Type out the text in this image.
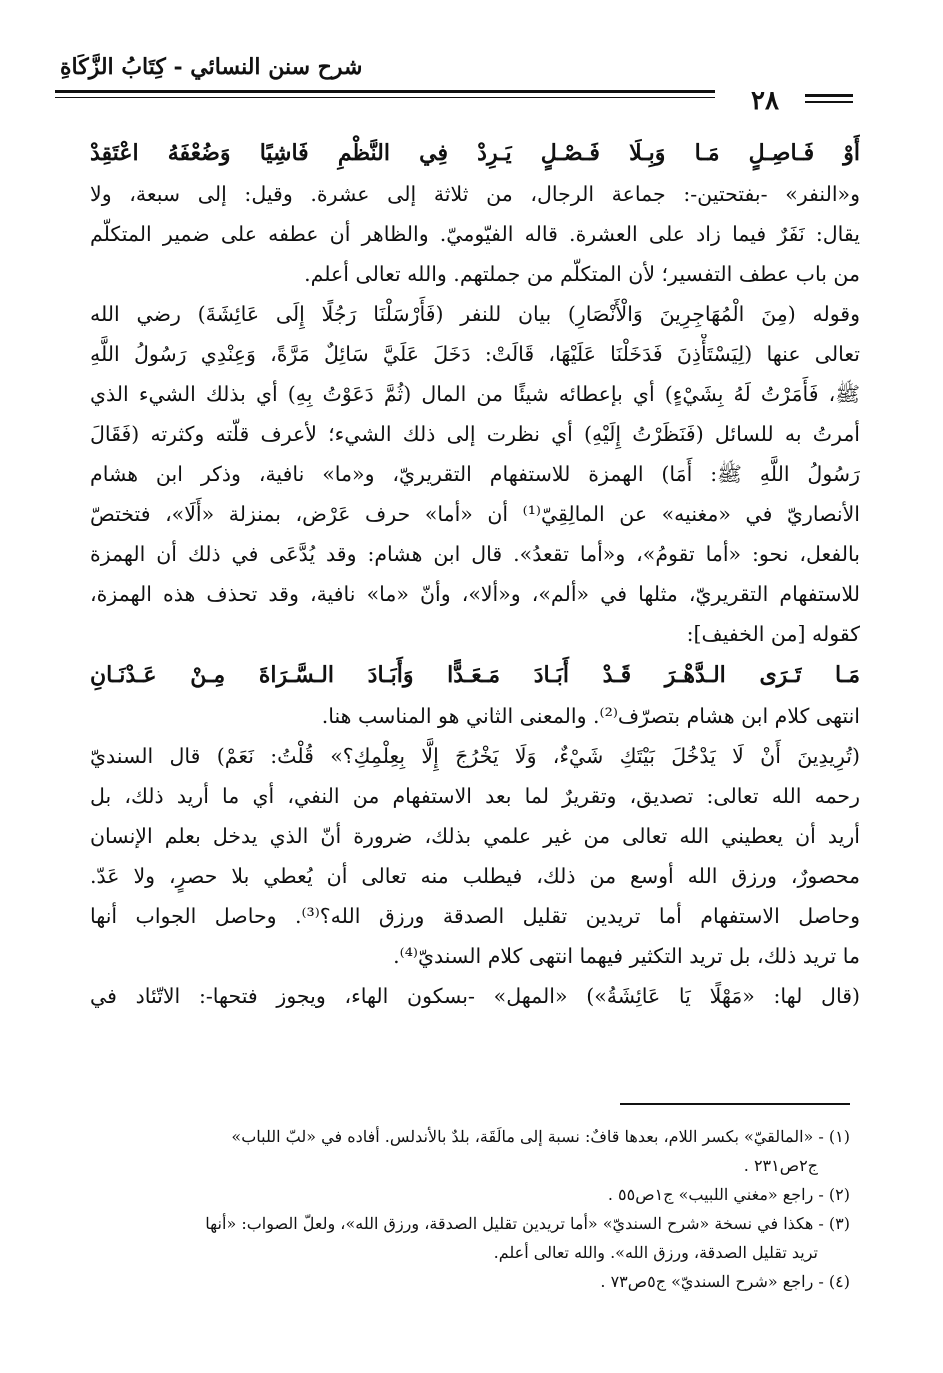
شرح سنن النسائي - كِتَابُ الزَّكَاةِ
٢٨
أَوْ فَـاصِـلٍ مَـا وَبِـلَا فَـصْـلٍ يَـرِدْ فِي النَّظْمِ فَاشِيًا وَضُعْفَهُ اعْتَقِدْ
و«النفر» -بفتحتين-: جماعة الرجال، من ثلاثة إلى عشرة. وقيل: إلى سبعة، ولا
يقال: نَفَرٌ فيما زاد على العشرة. قاله الفيّوميّ. والظاهر أن عطفه على ضمير المتكلّم
من باب عطف التفسير؛ لأن المتكلّم من جملتهم. والله تعالى أعلم.
وقوله (مِنَ الْمُهَاجِرِينَ وَالْأَنْصَارِ) بيان للنفر (فَأَرْسَلْنَا رَجُلًا إِلَى عَائِشَةَ) رضي الله
تعالى عنها (لِيَسْتَأْذِنَ فَدَخَلْنَا عَلَيْهَا، قَالَتْ: دَخَلَ عَلَيَّ سَائِلٌ مَرَّةً، وَعِنْدِي رَسُولُ اللَّهِ
ﷺ، فَأَمَرْتُ لَهُ بِشَيْءٍ) أي بإعطائه شيئًا من المال (ثُمَّ دَعَوْتُ بِهِ) أي بذلك الشيء الذي
أمرتُ به للسائل (فَنَظَرْتُ إِلَيْهِ) أي نظرت إلى ذلك الشيء؛ لأعرف قلّته وكثرته (فَقَالَ
رَسُولُ اللَّهِ ﷺ: أَمَا) الهمزة للاستفهام التقريريّ، و«ما» نافية، وذكر ابن هشام
الأنصاريّ في «مغنيه» عن المالِقِيّ⁽¹⁾ أن «أما» حرف عَرْض، بمنزلة «أَلَا»، فتختصّ
بالفعل، نحو: «أما تقومُ»، و«أما تقعدُ». قال ابن هشام: وقد يُدَّعَى في ذلك أن الهمزة
للاستفهام التقريريّ، مثلها في «ألم»، و«ألا»، وأنّ «ما» نافية، وقد تحذف هذه الهمزة،
كقوله [من الخفيف]:
مَـا تَـرَى الـدَّهْـرَ قَـدْ أَبَـادَ مَـعَـدًّا وَأَبَـادَ الـسَّـرَاةَ مِـنْ عَـدْنَـانِ
انتهى كلام ابن هشام بتصرّف⁽²⁾. والمعنى الثاني هو المناسب هنا.
(تُرِيدِينَ أَنْ لَا يَدْخُلَ بَيْتَكِ شَيْءٌ، وَلَا يَخْرُجَ إِلَّا بِعِلْمِكِ؟» قُلْتُ: نَعَمْ) قال السنديّ
رحمه الله تعالى: تصديق، وتقريرٌ لما بعد الاستفهام من النفي، أي ما أريد ذلك، بل
أريد أن يعطيني الله تعالى من غير علمي بذلك، ضرورة أنّ الذي يدخل بعلم الإنسان
محصورٌ، ورزق الله أوسع من ذلك، فيطلب منه تعالى أن يُعطي بلا حصرٍ، ولا عَدّ.
وحاصل الاستفهام أما تريدين تقليل الصدقة ورزق الله؟⁽³⁾. وحاصل الجواب أنها
ما تريد ذلك، بل تريد التكثير فيهما انتهى كلام السنديّ⁽⁴⁾.
(قال لها: «مَهْلًا يَا عَائِشَةُ») «المهل» -بسكون الهاء، ويجوز فتحها-: الاتّئاد في
(١) - «المالقيّ» بكسر اللام، بعدها قافٌ: نسبة إلى مالَقَة، بلدٌ بالأندلس. أفاده في «لبّ اللباب»
ج٢ص٢٣١ .
(٢) - راجع «مغني اللبيب» ج١ص٥٥ .
(٣) - هكذا في نسخة «شرح السنديّ» «أما تريدين تقليل الصدقة، ورزق الله»، ولعلّ الصواب: «أنها
تريد تقليل الصدقة، ورزق الله». والله تعالى أعلم.
(٤) - راجع «شرح السنديّ» ج٥ص٧٣ .
